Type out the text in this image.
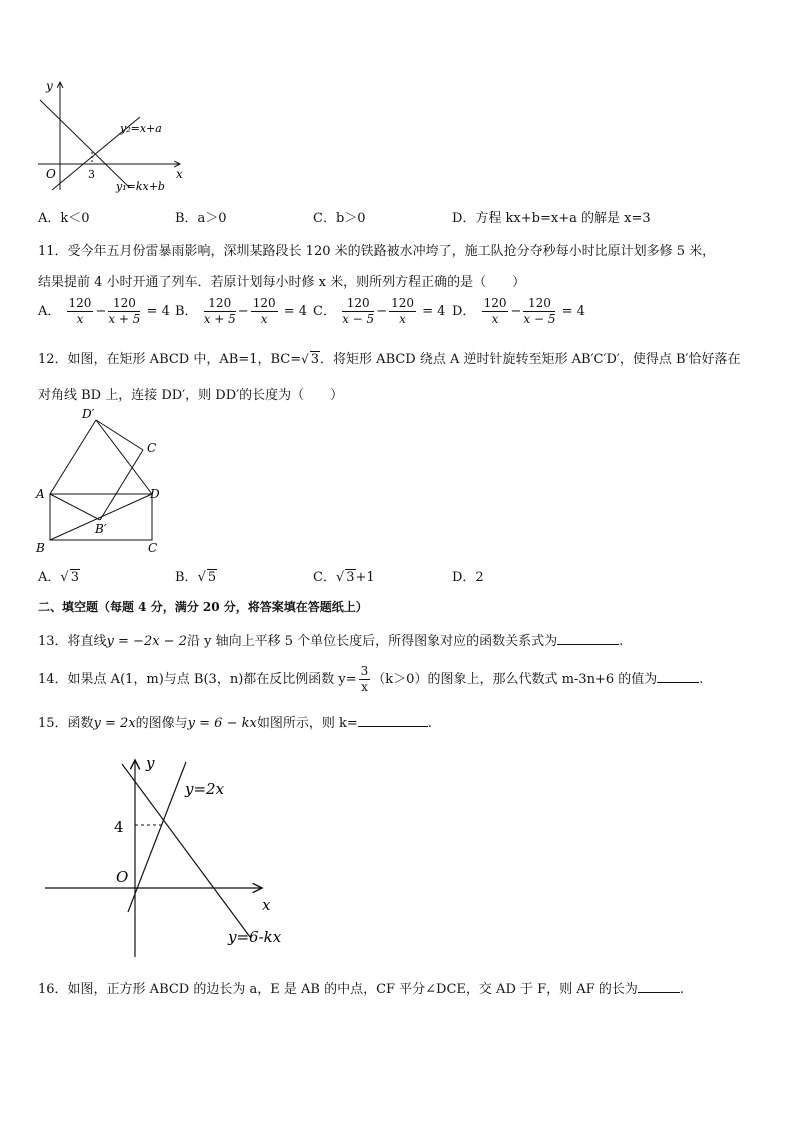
y
x
O	3
y₂=x+a
y₁=kx+b
A．k＜0	B．a＞0	C．b＞0	D．方程 kx+b=x+a 的解是 x=3
11．受今年五月份雷暴雨影响，深圳某路段长 120 米的铁路被水冲垮了，施工队抢分夺秒每小时比原计划多修 5 米，
结果提前 4 小时开通了列车．若原计划每小时修 x 米，则所列方程正确的是（　　）
A． $\frac{120}{x} - \frac{120}{x + 5} = 4$ B． $\frac{120}{x + 5} - \frac{120}{x} = 4$ C． $\frac{120}{x - 5} - \frac{120}{x} = 4$ D． $\frac{120}{x} - \frac{120}{x - 5} = 4$
12．如图，在矩形 ABCD 中，AB=1，BC=√ 3．将矩形 ABCD 绕点 A 逆时针旋转至矩形 AB′C′D′，使得点 B′恰好落在
对角线 BD 上，连接 DD′，则 DD′的长度为（　　）
D′
C
A	D
B′
B	C
A．√ 3	B．√ 5	C．√ 3+1	D．2
二、填空题（每题 4 分，满分 20 分，将答案填在答题纸上）
13．将直线y = −2x − 2沿 y 轴向上平移 5 个单位长度后，所得图象对应的函数关系式为	.
14．如果点 A(1，m)与点 B(3，n)都在反比例函数 $y= \frac{3}{x} (k>0)$的图象上，那么代数式 m-3n+6 的值为	.
15．函数y = 2x的图像与y = 6 − kx如图所示，则 k=	.
y
x
O
4
y=2x
y=6-kx
16．如图，正方形 ABCD 的边长为 a，E 是 AB 的中点，CF 平分∠DCE，交 AD 于 F，则 AF 的长为	.
